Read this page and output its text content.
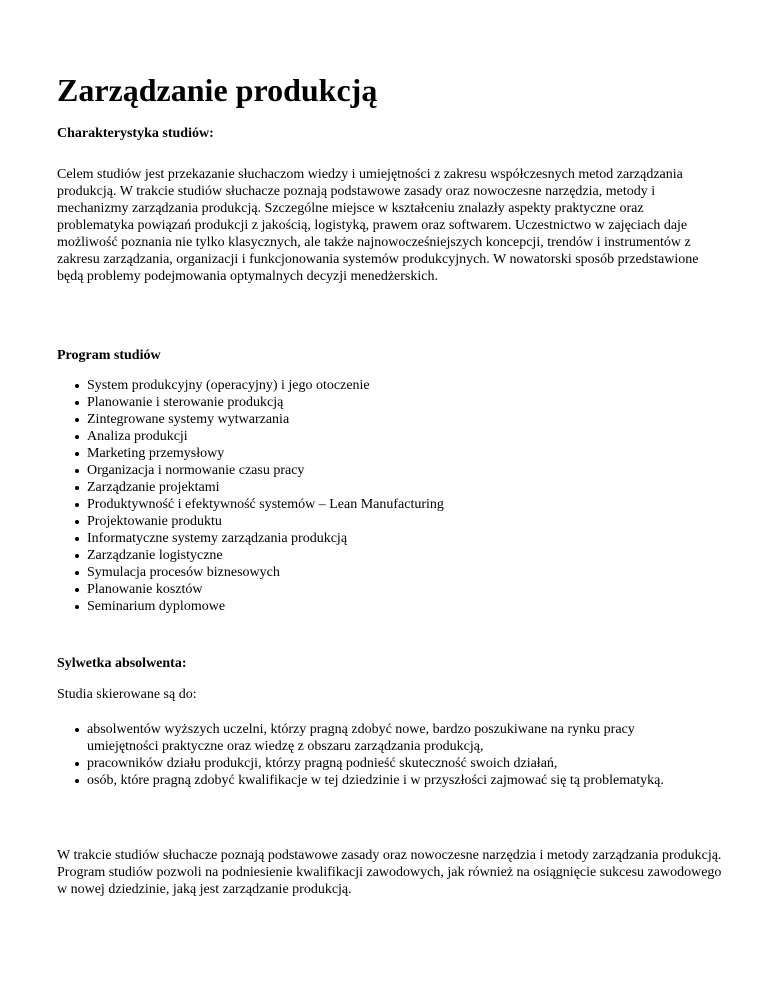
Zarządzanie produkcją

Charakterystyka studiów:

Celem studiów jest przekazanie słuchaczom wiedzy i umiejętności z zakresu współczesnych metod zarządzania produkcją. W trakcie studiów słuchacze poznają podstawowe zasady oraz nowoczesne narzędzia, metody i mechanizmy zarządzania produkcją. Szczególne miejsce w kształceniu znalazły aspekty praktyczne oraz problematyka powiązań produkcji z jakością, logistyką, prawem oraz softwarem. Uczestnictwo w zajęciach daje możliwość poznania nie tylko klasycznych, ale także najnowocześniejszych koncepcji, trendów i instrumentów z zakresu zarządzania, organizacji i funkcjonowania systemów produkcyjnych. W nowatorski sposób przedstawione będą problemy podejmowania optymalnych decyzji menedżerskich.

Program studiów

System produkcyjny (operacyjny) i jego otoczenie
Planowanie i sterowanie produkcją
Zintegrowane systemy wytwarzania
Analiza produkcji
Marketing przemysłowy
Organizacja i normowanie czasu pracy
Zarządzanie projektami
Produktywność i efektywność systemów – Lean Manufacturing
Projektowanie produktu
Informatyczne systemy zarządzania produkcją
Zarządzanie logistyczne
Symulacja procesów biznesowych
Planowanie kosztów
Seminarium dyplomowe

Sylwetka absolwenta:

Studia skierowane są do:

absolwentów wyższych uczelni, którzy pragną zdobyć nowe, bardzo poszukiwane na rynku pracy umiejętności praktyczne oraz wiedzę z obszaru zarządzania produkcją,
pracowników działu produkcji, którzy pragną podnieść skuteczność swoich działań,
osób, które pragną zdobyć kwalifikacje w tej dziedzinie i w przyszłości zajmować się tą problematyką.

W trakcie studiów słuchacze poznają podstawowe zasady oraz nowoczesne narzędzia i metody zarządzania produkcją. Program studiów pozwoli na podniesienie kwalifikacji zawodowych, jak również na osiągnięcie sukcesu zawodowego w nowej dziedzinie, jaką jest zarządzanie produkcją.
